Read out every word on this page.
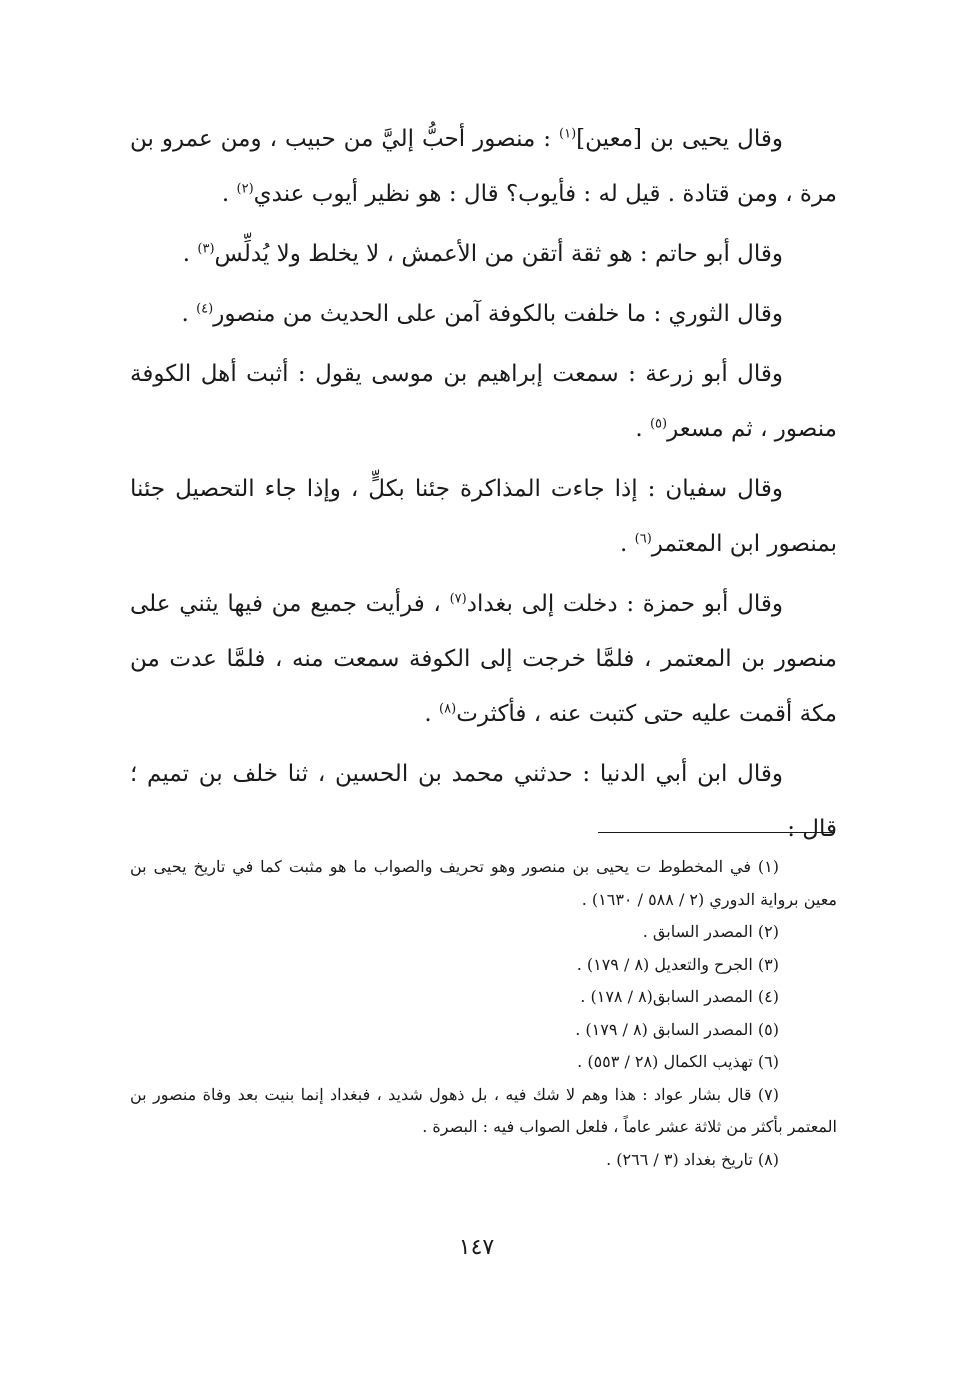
وقال يحيى بن [معين]$^{(١)}$ : منصور أحبُّ إليَّ من حبيب ، ومن عمرو بن مرة ، ومن قتادة . قيل له : فأيوب؟ قال : هو نظير أيوب عندي$^{(٢)}$ .

وقال أبو حاتم : هو ثقة أتقن من الأعمش ، لا يخلط ولا يُدلِّس$^{(٣)}$ .

وقال الثوري : ما خلفت بالكوفة آمن على الحديث من منصور$^{(٤)}$ .

وقال أبو زرعة : سمعت إبراهيم بن موسى يقول : أثبت أهل الكوفة منصور ، ثم مسعر$^{(٥)}$ .

وقال سفيان : إذا جاءت المذاكرة جئنا بكلٍّ ، وإذا جاء التحصيل جئنا بمنصور ابن المعتمر$^{(٦)}$ .

وقال أبو حمزة : دخلت إلى بغداد$^{(٧)}$ ، فرأيت جميع من فيها يثني على منصور بن المعتمر ، فلمَّا خرجت إلى الكوفة سمعت منه ، فلمَّا عدت من مكة أقمت عليه حتى كتبت عنه ، فأكثرت$^{(٨)}$ .

وقال ابن أبي الدنيا : حدثني محمد بن الحسين ، ثنا خلف بن تميم ؛ قال :

(١) في المخطوط ت يحيى بن منصور وهو تحريف والصواب ما هو مثبت كما في تاريخ يحيى بن معين برواية الدوري (٢ / ٥٨٨ / ١٦٣٠) .

(٢) المصدر السابق .

(٣) الجرح والتعديل (٨ / ١٧٩) .

(٤) المصدر السابق(٨ / ١٧٨) .

(٥) المصدر السابق (٨ / ١٧٩) .

(٦) تهذيب الكمال (٢٨ / ٥٥٣) .

(٧) قال بشار عواد : هذا وهم لا شك فيه ، بل ذهول شديد ، فبغداد إنما بنيت بعد وفاة منصور بن المعتمر بأكثر من ثلاثة عشر عاماً ، فلعل الصواب فيه : البصرة .

(٨) تاريخ بغداد (٣ / ٢٦٦) .

١٤٧
